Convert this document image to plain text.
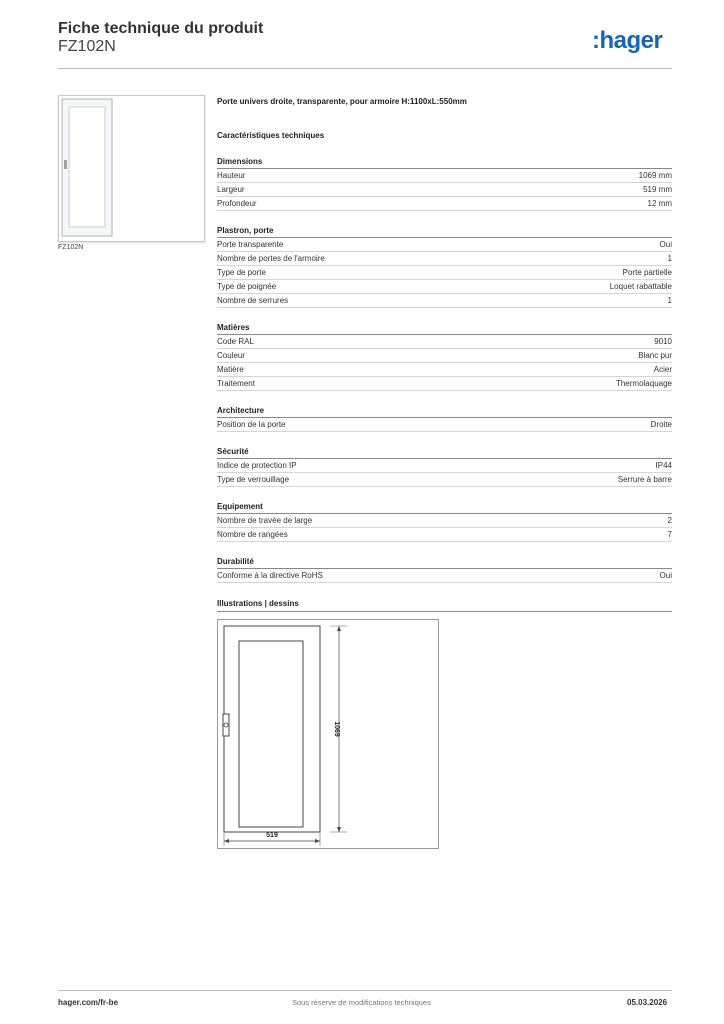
Fiche technique du produit
FZ102N	:hager
FZ102N
Porte univers droite, transparente, pour armoire H:1100xL:550mm
Caractéristiques techniques
Dimensions
Hauteur	1069 mm
Largeur	519 mm
Profondeur	12 mm
Plastron, porte
Porte transparente	Oui
Nombre de portes de l'armoire	1
Type de porte	Porte partielle
Type de poignée	Loquet rabattable
Nombre de serrures	1
Matières
Code RAL	9010
Couleur	Blanc pur
Matière	Acier
Traitement	Thermolaquage
Architecture
Position de la porte	Droite
Sécurité
Indice de protection IP	IP44
Type de verrouillage	Serrure à barre
Equipement
Nombre de travée de large	2
Nombre de rangées	7
Durabilité
Conforme à la directive RoHS	Oui
Illustrations | dessins
1069
519
hager.com/fr-be	Sous réserve de modifications techniques	05.03.2026
